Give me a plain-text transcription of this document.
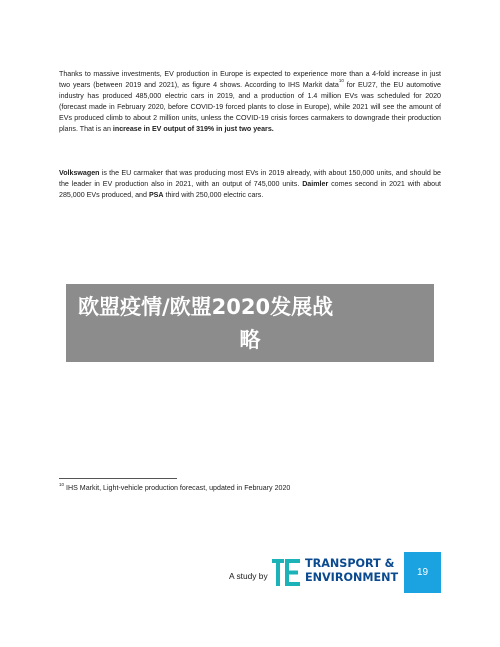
Thanks to massive investments, EV production in Europe is expected to experience more than a 4-fold increase in just two years (between 2019 and 2021), as figure 4 shows. According to IHS Markit data$^{10}$ for EU27, the EU automotive industry has produced 485,000 electric cars in 2019, and a production of 1.4 million EVs was scheduled for 2020 (forecast made in February 2020, before COVID-19 forced plants to close in Europe), while 2021 will see the amount of EVs produced climb to about 2 million units, unless the COVID-19 crisis forces carmakers to downgrade their production plans. That is an increase in EV output of 319% in just two years.

Volkswagen is the EU carmaker that was producing most EVs in 2019 already, with about 150,000 units, and should be the leader in EV production also in 2021, with an output of 745,000 units. Daimler comes second in 2021 with about 285,000 EVs produced, and PSA third with 250,000 electric cars.

欧盟疫情/欧盟2020发展战
略
$^{10}$ IHS Markit, Light-vehicle production forecast, updated in February 2020
A study by
TRANSPORT &
ENVIRONMENT	19
